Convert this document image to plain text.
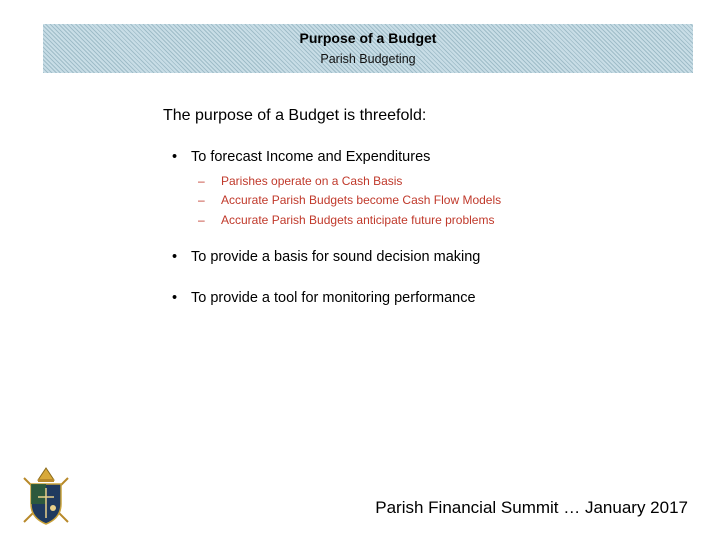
Purpose of a Budget
Parish Budgeting
The purpose of a Budget is threefold:
• To forecast Income and Expenditures
– Parishes operate on a Cash Basis
– Accurate Parish Budgets become Cash Flow Models
– Accurate Parish Budgets anticipate future problems
• To provide a basis for sound decision making
• To provide a tool for monitoring performance
Parish Financial Summit … January 2017
